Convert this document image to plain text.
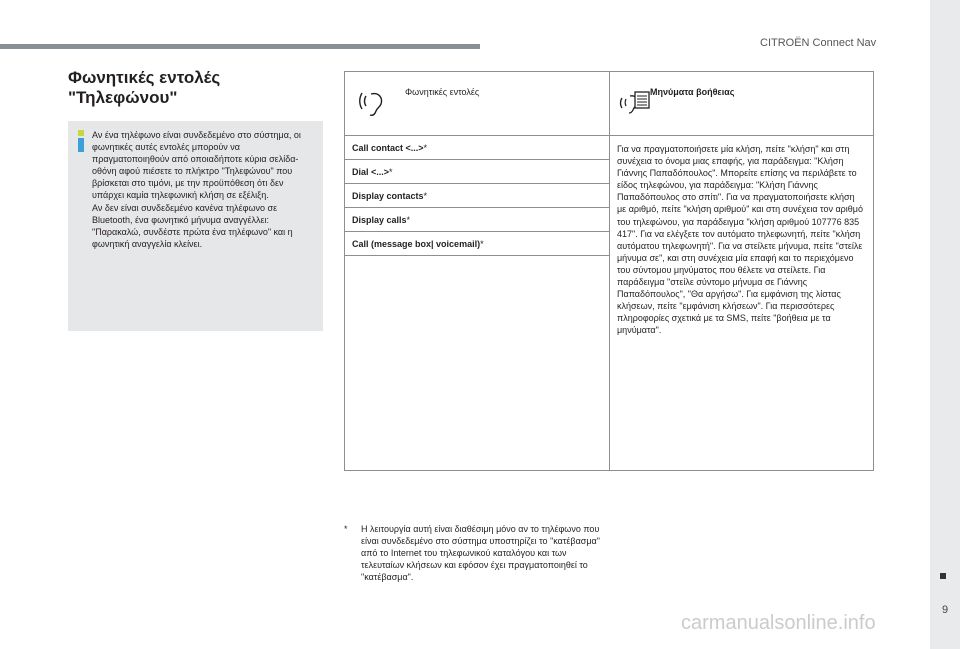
CITROËN Connect Nav
9
Φωνητικές εντολές
"Τηλεφώνου"

Αν ένα τηλέφωνο είναι συνδεδεμένο στο σύστημα, οι φωνητικές αυτές εντολές μπορούν να πραγματοποιηθούν από οποιαδήποτε κύρια σελίδα-οθόνη αφού πιέσετε το πλήκτρο "Τηλεφώνου" που βρίσκεται στο τιμόνι, με την προϋπόθεση ότι δεν υπάρχει καμία τηλεφωνική κλήση σε εξέλιξη.
Αν δεν είναι συνδεδεμένο κανένα τηλέφωνο σε Bluetooth, ένα φωνητικό μήνυμα αναγγέλλει: "Παρακαλώ, συνδέστε πρώτα ένα τηλέφωνο" και η φωνητική αναγγελία κλείνει.

Φωνητικές εντολές
Call contact <...>*
Dial <...>*
Display contacts*
Display calls*
Call (message box| voicemail)*
Μηνύματα βοήθειας

Για να πραγματοποιήσετε μία κλήση, πείτε "κλήση" και στη συνέχεια το όνομα μιας επαφής, για παράδειγμα: "Κλήση Γιάννης Παπαδόπουλος". Μπορείτε επίσης να περιλάβετε το είδος τηλεφώνου, για παράδειγμα: "Κλήση Γιάννης Παπαδόπουλος στο σπίτι". Για να πραγματοποιήσετε κλήση με αριθμό, πείτε "κλήση αριθμού" και στη συνέχεια τον αριθμό του τηλεφώνου, για παράδειγμα "κλήση αριθμού 107776 835 417". Για να ελέγξετε τον αυτόματο τηλεφωνητή, πείτε "κλήση αυτόματου τηλεφωνητή". Για να στείλετε μήνυμα, πείτε "στείλε μήνυμα σε", και στη συνέχεια μία επαφή και το περιεχόμενο του σύντομου μηνύματος που θέλετε να στείλετε. Για παράδειγμα "στείλε σύντομο μήνυμα σε Γιάννης Παπαδόπουλος", "Θα αργήσω". Για εμφάνιση της λίστας κλήσεων, πείτε "εμφάνιση κλήσεων". Για περισσότερες πληροφορίες σχετικά με τα SMS, πείτε "βοήθεια με τα μηνύματα".

* Η λειτουργία αυτή είναι διαθέσιμη μόνο αν το τηλέφωνο που είναι συνδεδεμένο στο σύστημα υποστηρίζει το "κατέβασμα" από το Internet του τηλεφωνικού καταλόγου και των τελευταίων κλήσεων και εφόσον έχει πραγματοποιηθεί το "κατέβασμα".

carmanualsonline.info
